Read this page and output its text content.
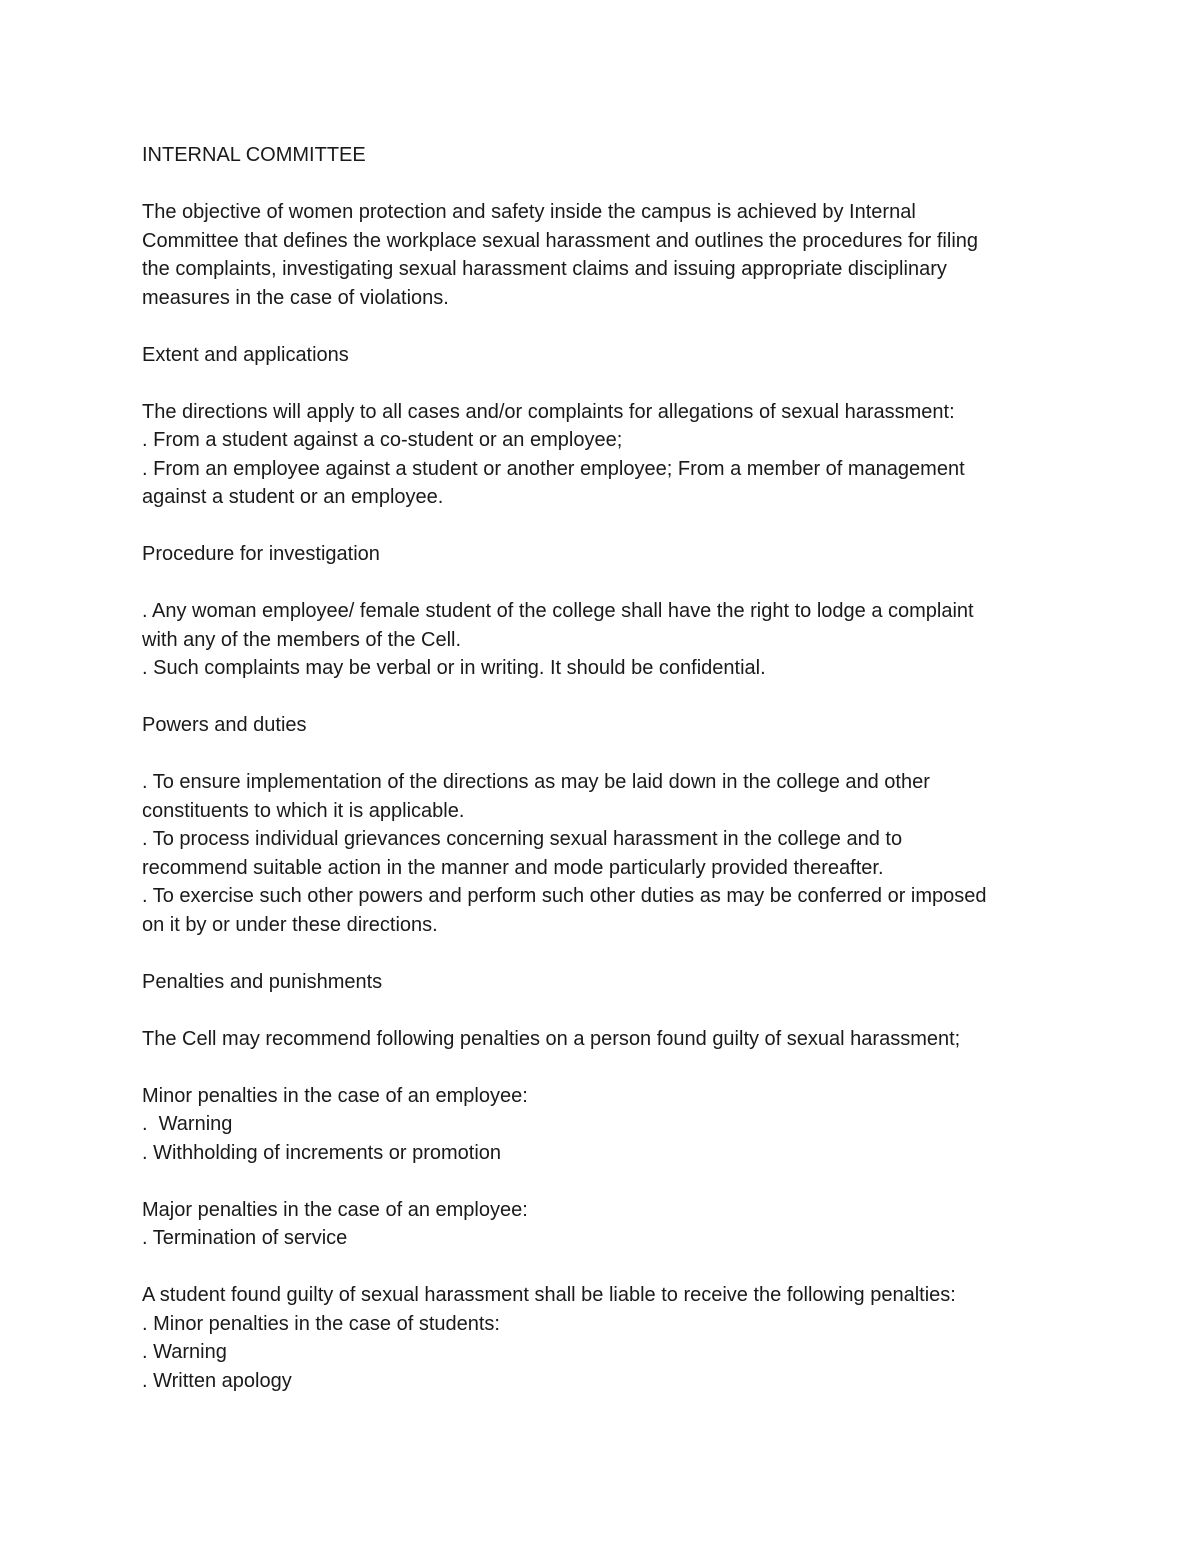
INTERNAL COMMITTEE
The objective of women protection and safety inside the campus is achieved by Internal
Committee that defines the workplace sexual harassment and outlines the procedures for filing
the complaints, investigating sexual harassment claims and issuing appropriate disciplinary
measures in the case of violations.
Extent and applications
The directions will apply to all cases and/or complaints for allegations of sexual harassment:
. From a student against a co-student or an employee;
. From an employee against a student or another employee; From a member of management
against a student or an employee.
Procedure for investigation
. Any woman employee/ female student of the college shall have the right to lodge a complaint
with any of the members of the Cell.
. Such complaints may be verbal or in writing. It should be confidential.
Powers and duties
. To ensure implementation of the directions as may be laid down in the college and other
constituents to which it is applicable.
. To process individual grievances concerning sexual harassment in the college and to
recommend suitable action in the manner and mode particularly provided thereafter.
. To exercise such other powers and perform such other duties as may be conferred or imposed
on it by or under these directions.
Penalties and punishments
The Cell may recommend following penalties on a person found guilty of sexual harassment;
Minor penalties in the case of an employee:
.  Warning
. Withholding of increments or promotion
Major penalties in the case of an employee:
. Termination of service
A student found guilty of sexual harassment shall be liable to receive the following penalties:
. Minor penalties in the case of students:
. Warning
. Written apology
